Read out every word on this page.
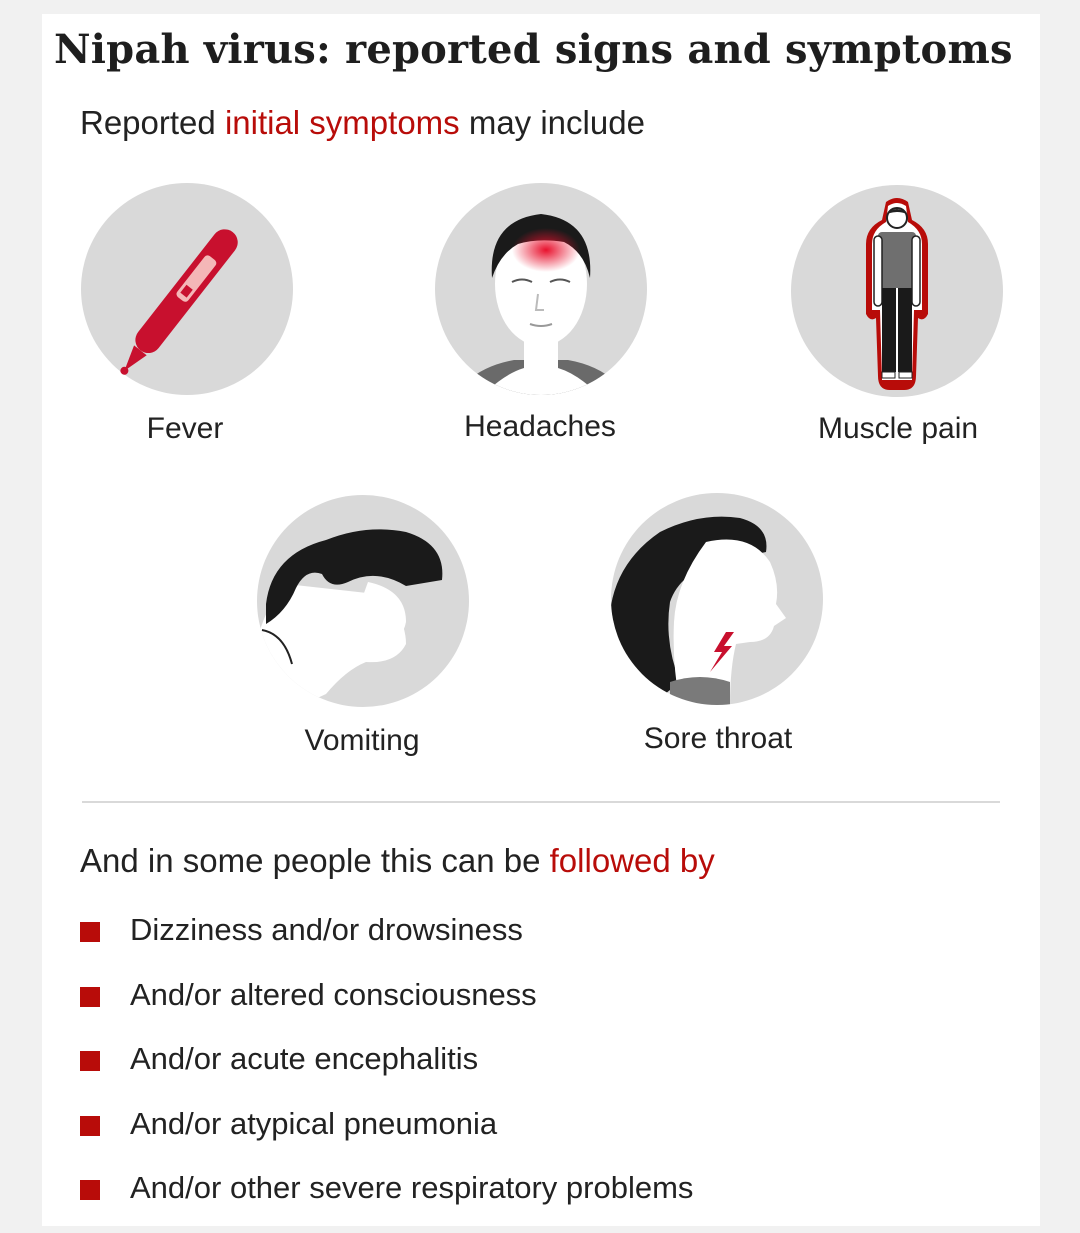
Nipah virus: reported signs and symptoms
Reported initial symptoms may include
Fever	Headaches	Muscle pain
Vomiting	Sore throat
And in some people this can be followed by
Dizziness and/or drowsiness
And/or altered consciousness
And/or acute encephalitis
And/or atypical pneumonia
And/or other severe respiratory problems
